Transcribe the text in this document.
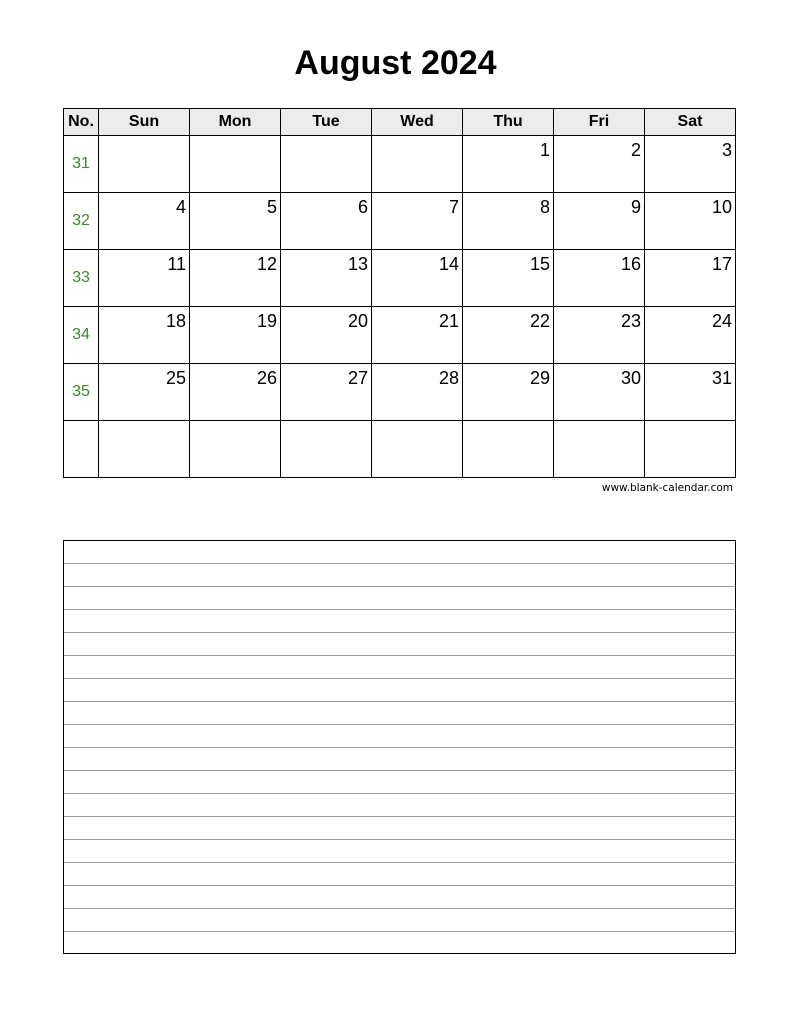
August 2024
No.	Sun	Mon	Tue	Wed	Thu	Fri	Sat
31					1	2	3

32	4	5	6	7	8	9	10

33	11	12	13	14	15	16	17

34	18	19	20	21	22	23	24

35	25	26	27	28	29	30	31

www.blank-calendar.com
